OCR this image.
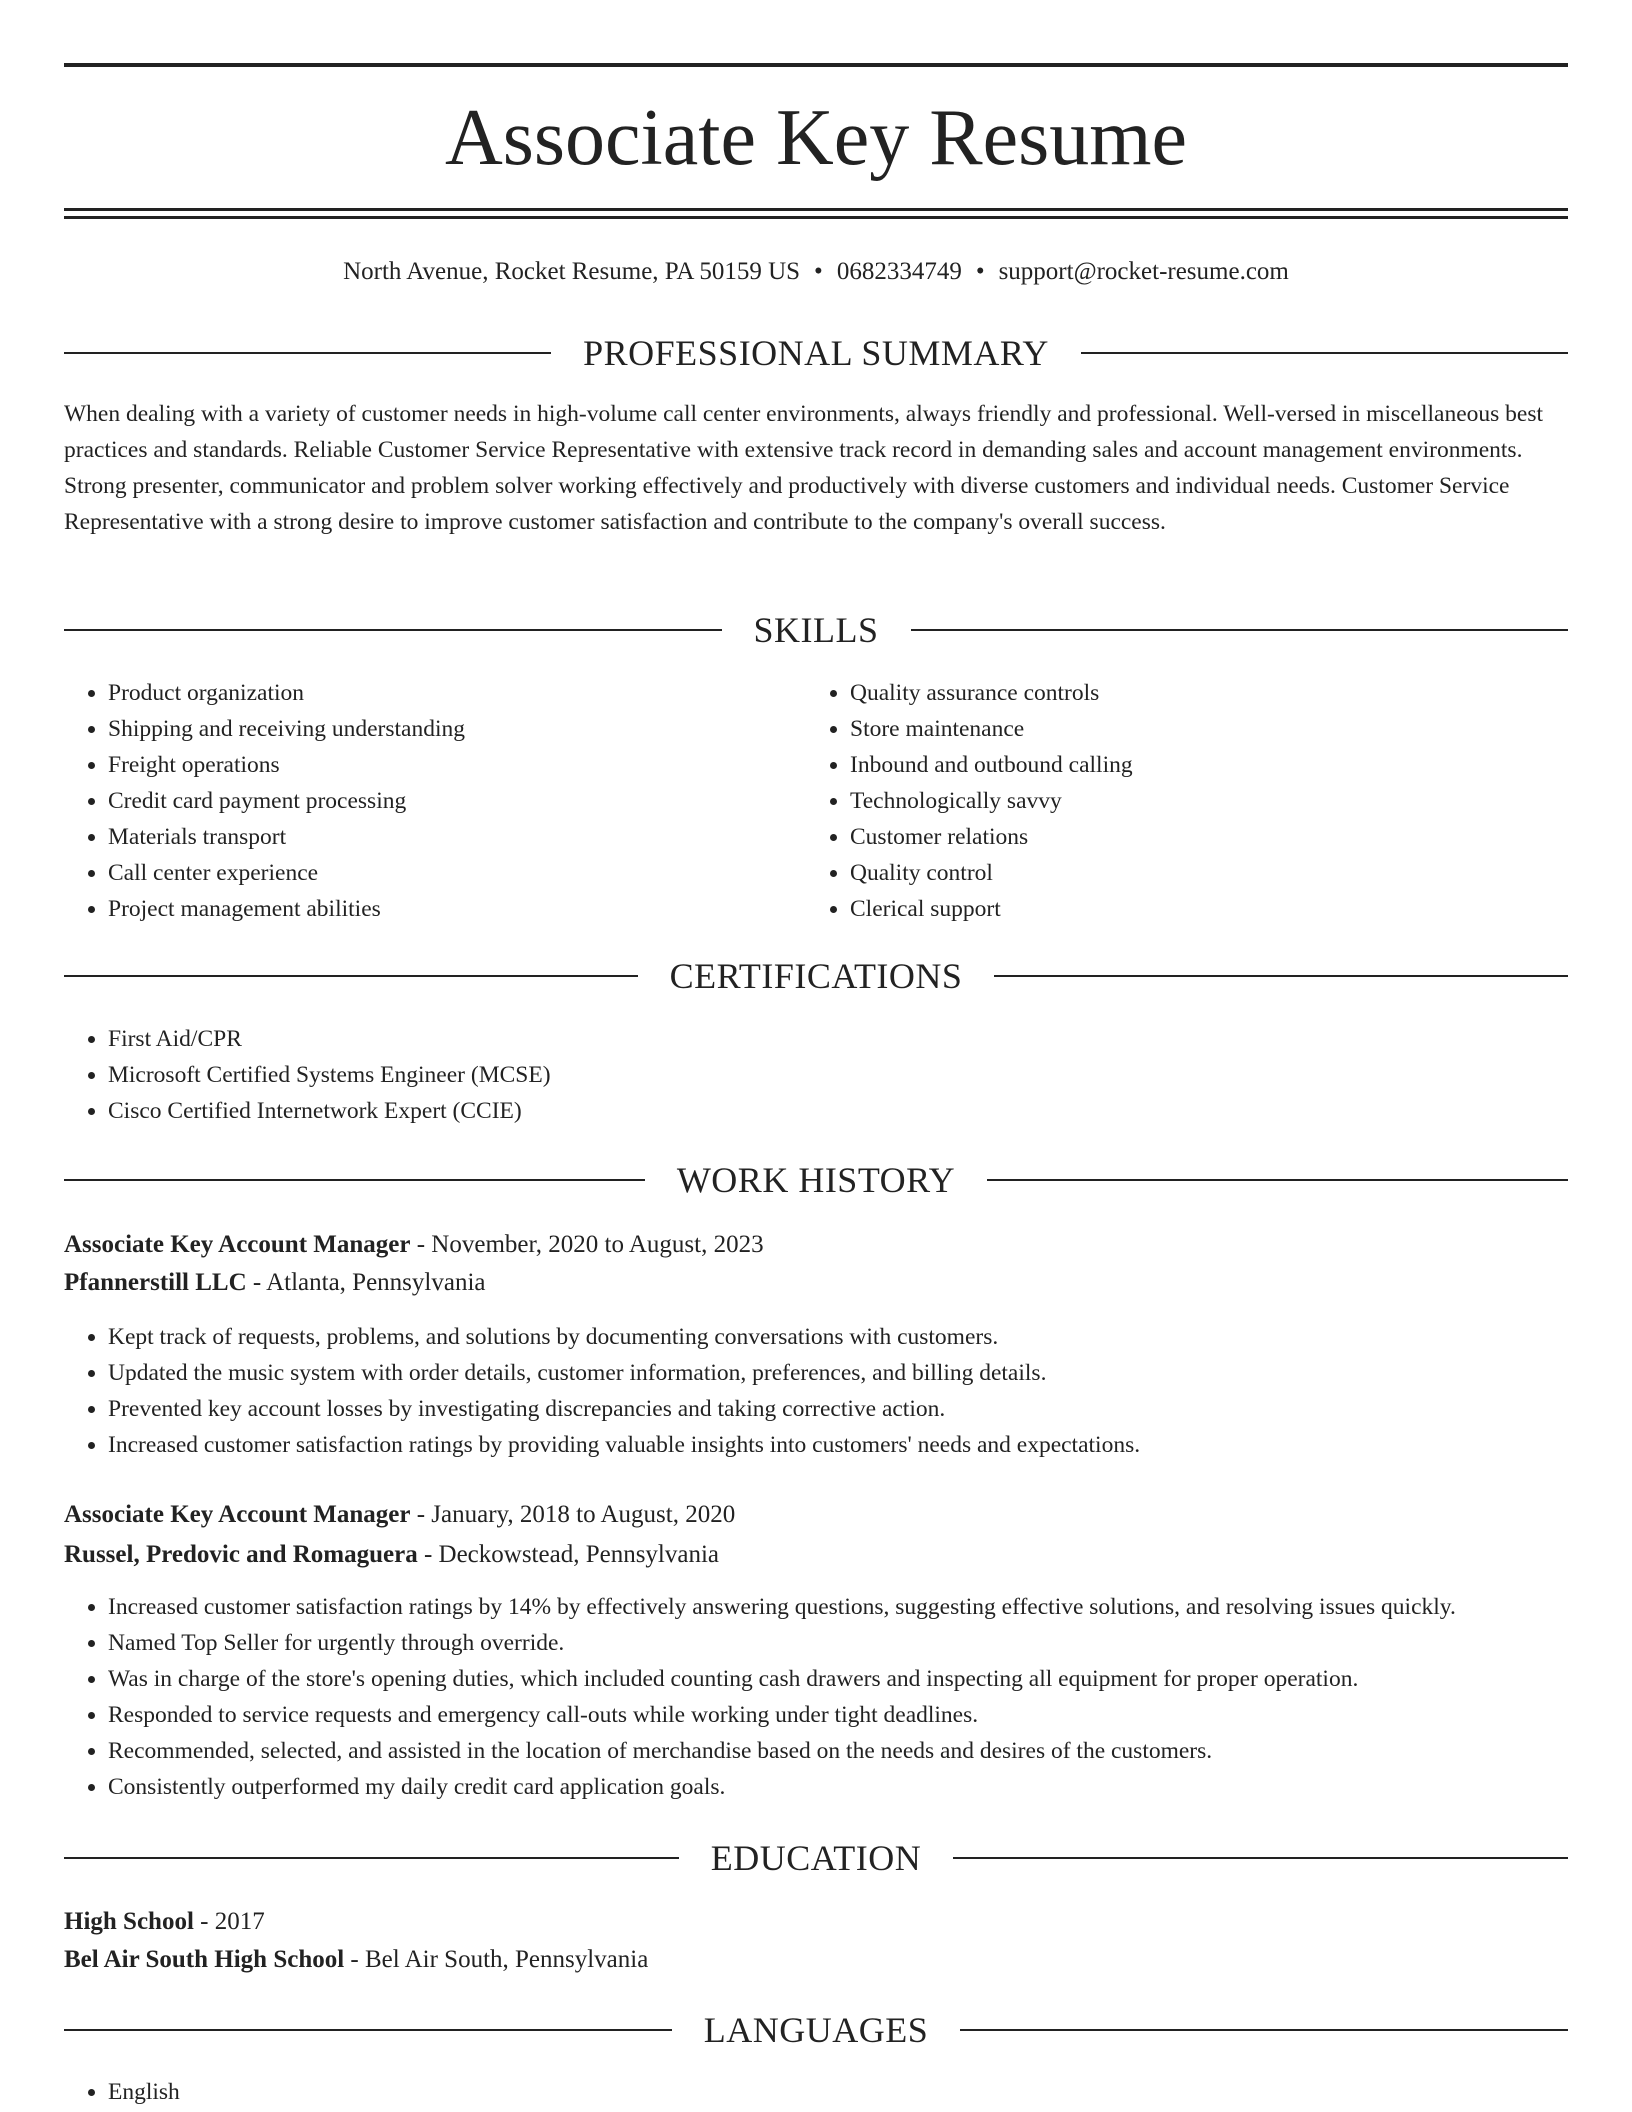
Associate Key Resume
North Avenue, Rocket Resume, PA 50159 US • 0682334749 • support@rocket-resume.com
PROFESSIONAL SUMMARY
When dealing with a variety of customer needs in high-volume call center environments, always friendly and professional. Well-versed in miscellaneous best practices and standards. Reliable Customer Service Representative with extensive track record in demanding sales and account management environments. Strong presenter, communicator and problem solver working effectively and productively with diverse customers and individual needs. Customer Service Representative with a strong desire to improve customer satisfaction and contribute to the company's overall success.
SKILLS
• Product organization
• Shipping and receiving understanding
• Freight operations
• Credit card payment processing
• Materials transport
• Call center experience
• Project management abilities
• Quality assurance controls
• Store maintenance
• Inbound and outbound calling
• Technologically savvy
• Customer relations
• Quality control
• Clerical support
CERTIFICATIONS
• First Aid/CPR
• Microsoft Certified Systems Engineer (MCSE)
• Cisco Certified Internetwork Expert (CCIE)
WORK HISTORY
Associate Key Account Manager - November, 2020 to August, 2023
Pfannerstill LLC - Atlanta, Pennsylvania
• Kept track of requests, problems, and solutions by documenting conversations with customers.
• Updated the music system with order details, customer information, preferences, and billing details.
• Prevented key account losses by investigating discrepancies and taking corrective action.
• Increased customer satisfaction ratings by providing valuable insights into customers' needs and expectations.
Associate Key Account Manager - January, 2018 to August, 2020
Russel, Predovic and Romaguera - Deckowstead, Pennsylvania
• Increased customer satisfaction ratings by 14% by effectively answering questions, suggesting effective solutions, and resolving issues quickly.
• Named Top Seller for urgently through override.
• Was in charge of the store's opening duties, which included counting cash drawers and inspecting all equipment for proper operation.
• Responded to service requests and emergency call-outs while working under tight deadlines.
• Recommended, selected, and assisted in the location of merchandise based on the needs and desires of the customers.
• Consistently outperformed my daily credit card application goals.
EDUCATION
High School - 2017
Bel Air South High School - Bel Air South, Pennsylvania
LANGUAGES
• English
